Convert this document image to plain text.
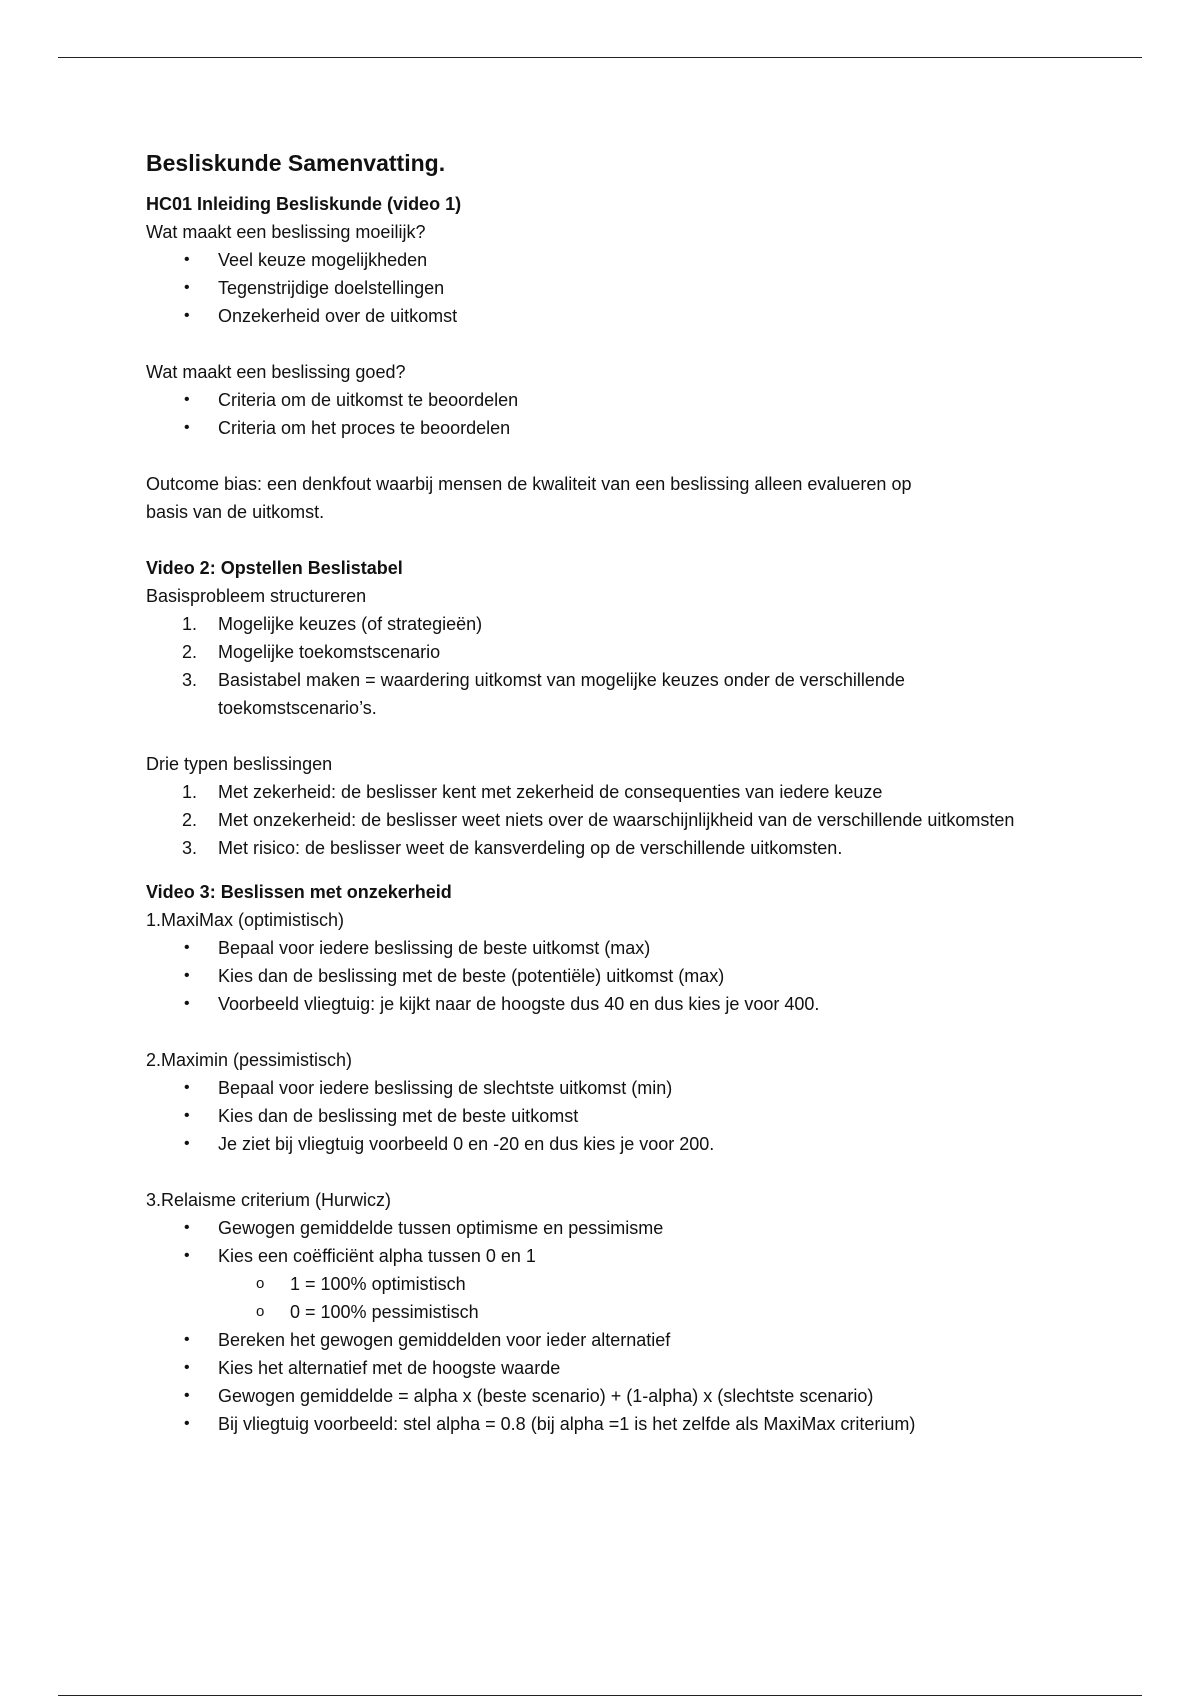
Besliskunde Samenvatting.

HC01 Inleiding Besliskunde (video 1)

Wat maakt een beslissing moeilijk?

• Veel keuze mogelijkheden
• Tegenstrijdige doelstellingen
• Onzekerheid over de uitkomst

Wat maakt een beslissing goed?

• Criteria om de uitkomst te beoordelen
• Criteria om het proces te beoordelen

Outcome bias: een denkfout waarbij mensen de kwaliteit van een beslissing alleen evalueren op

basis van de uitkomst.

Video 2: Opstellen Beslistabel

Basisprobleem structureren

1. Mogelijke keuzes (of strategieën)
2. Mogelijke toekomstscenario
3. Basistabel maken = waardering uitkomst van mogelijke keuzes onder de verschillende toekomstscenario’s.

Drie typen beslissingen

1. Met zekerheid: de beslisser kent met zekerheid de consequenties van iedere keuze
2. Met onzekerheid: de beslisser weet niets over de waarschijnlijkheid van de verschillende uitkomsten
3. Met risico: de beslisser weet de kansverdeling op de verschillende uitkomsten.

Video 3: Beslissen met onzekerheid

1.MaxiMax (optimistisch)

• Bepaal voor iedere beslissing de beste uitkomst (max)
• Kies dan de beslissing met de beste (potentiële) uitkomst (max)
• Voorbeeld vliegtuig: je kijkt naar de hoogste dus 40 en dus kies je voor 400.

2.Maximin (pessimistisch)

• Bepaal voor iedere beslissing de slechtste uitkomst (min)
• Kies dan de beslissing met de beste uitkomst
• Je ziet bij vliegtuig voorbeeld 0 en -20 en dus kies je voor 200.

3.Relaisme criterium (Hurwicz)

• Gewogen gemiddelde tussen optimisme en pessimisme
• Kies een coëfficiënt alpha tussen 0 en 1
o 1 = 100% optimistisch
o 0 = 100% pessimistisch
• Bereken het gewogen gemiddelden voor ieder alternatief
• Kies het alternatief met de hoogste waarde
• Gewogen gemiddelde = alpha x (beste scenario) + (1-alpha) x (slechtste scenario)
• Bij vliegtuig voorbeeld: stel alpha = 0.8 (bij alpha =1 is het zelfde als MaxiMax criterium)
